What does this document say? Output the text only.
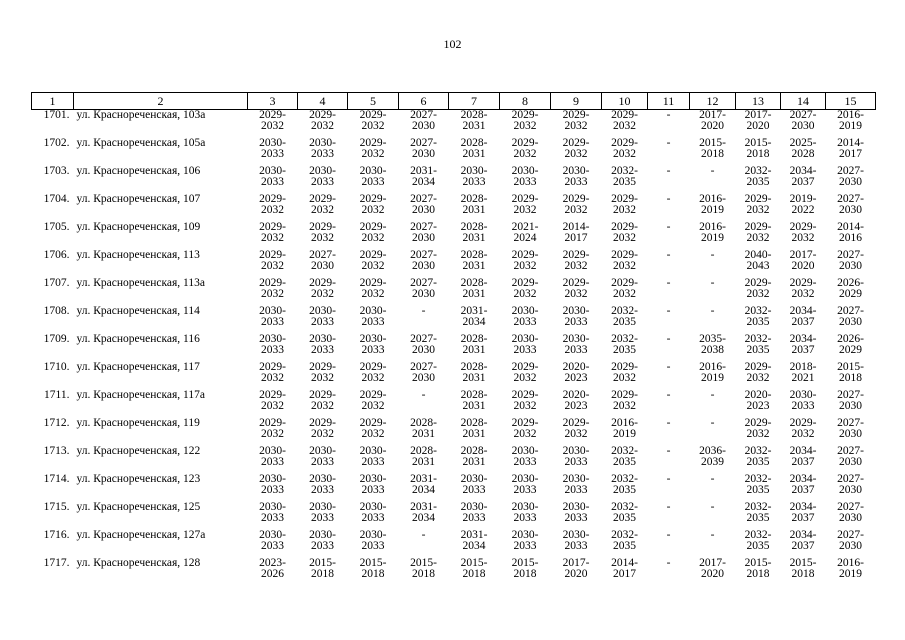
102
1	2	3	4	5	6	7	8	9	10	11	12	13	14	15
1701.	ул. Краснореченская, 103а	2029-
2032	2029-
2032	2029-
2032	2027-
2030	2028-
2031	2029-
2032	2029-
2032	2029-
2032	-	2017-
2020	2017-
2020	2027-
2030	2016-
2019

1702.	ул. Краснореченская, 105а	2030-
2033	2030-
2033	2029-
2032	2027-
2030	2028-
2031	2029-
2032	2029-
2032	2029-
2032	-	2015-
2018	2015-
2018	2025-
2028	2014-
2017

1703.	ул. Краснореченская, 106	2030-
2033	2030-
2033	2030-
2033	2031-
2034	2030-
2033	2030-
2033	2030-
2033	2032-
2035	-	-	2032-
2035	2034-
2037	2027-
2030

1704.	ул. Краснореченская, 107	2029-
2032	2029-
2032	2029-
2032	2027-
2030	2028-
2031	2029-
2032	2029-
2032	2029-
2032	-	2016-
2019	2029-
2032	2019-
2022	2027-
2030

1705.	ул. Краснореченская, 109	2029-
2032	2029-
2032	2029-
2032	2027-
2030	2028-
2031	2021-
2024	2014-
2017	2029-
2032	-	2016-
2019	2029-
2032	2029-
2032	2014-
2016

1706.	ул. Краснореченская, 113	2029-
2032	2027-
2030	2029-
2032	2027-
2030	2028-
2031	2029-
2032	2029-
2032	2029-
2032	-	-	2040-
2043	2017-
2020	2027-
2030

1707.	ул. Краснореченская, 113а	2029-
2032	2029-
2032	2029-
2032	2027-
2030	2028-
2031	2029-
2032	2029-
2032	2029-
2032	-	-	2029-
2032	2029-
2032	2026-
2029

1708.	ул. Краснореченская, 114	2030-
2033	2030-
2033	2030-
2033	-	2031-
2034	2030-
2033	2030-
2033	2032-
2035	-	-	2032-
2035	2034-
2037	2027-
2030

1709.	ул. Краснореченская, 116	2030-
2033	2030-
2033	2030-
2033	2027-
2030	2028-
2031	2030-
2033	2030-
2033	2032-
2035	-	2035-
2038	2032-
2035	2034-
2037	2026-
2029

1710.	ул. Краснореченская, 117	2029-
2032	2029-
2032	2029-
2032	2027-
2030	2028-
2031	2029-
2032	2020-
2023	2029-
2032	-	2016-
2019	2029-
2032	2018-
2021	2015-
2018

1711.	ул. Краснореченская, 117а	2029-
2032	2029-
2032	2029-
2032	-	2028-
2031	2029-
2032	2020-
2023	2029-
2032	-	-	2020-
2023	2030-
2033	2027-
2030

1712.	ул. Краснореченская, 119	2029-
2032	2029-
2032	2029-
2032	2028-
2031	2028-
2031	2029-
2032	2029-
2032	2016-
2019	-	-	2029-
2032	2029-
2032	2027-
2030

1713.	ул. Краснореченская, 122	2030-
2033	2030-
2033	2030-
2033	2028-
2031	2028-
2031	2030-
2033	2030-
2033	2032-
2035	-	2036-
2039	2032-
2035	2034-
2037	2027-
2030

1714.	ул. Краснореченская, 123	2030-
2033	2030-
2033	2030-
2033	2031-
2034	2030-
2033	2030-
2033	2030-
2033	2032-
2035	-	-	2032-
2035	2034-
2037	2027-
2030

1715.	ул. Краснореченская, 125	2030-
2033	2030-
2033	2030-
2033	2031-
2034	2030-
2033	2030-
2033	2030-
2033	2032-
2035	-	-	2032-
2035	2034-
2037	2027-
2030

1716.	ул. Краснореченская, 127а	2030-
2033	2030-
2033	2030-
2033	-	2031-
2034	2030-
2033	2030-
2033	2032-
2035	-	-	2032-
2035	2034-
2037	2027-
2030

1717.	ул. Краснореченская, 128	2023-
2026	2015-
2018	2015-
2018	2015-
2018	2015-
2018	2015-
2018	2017-
2020	2014-
2017	-	2017-
2020	2015-
2018	2015-
2018	2016-
2019
